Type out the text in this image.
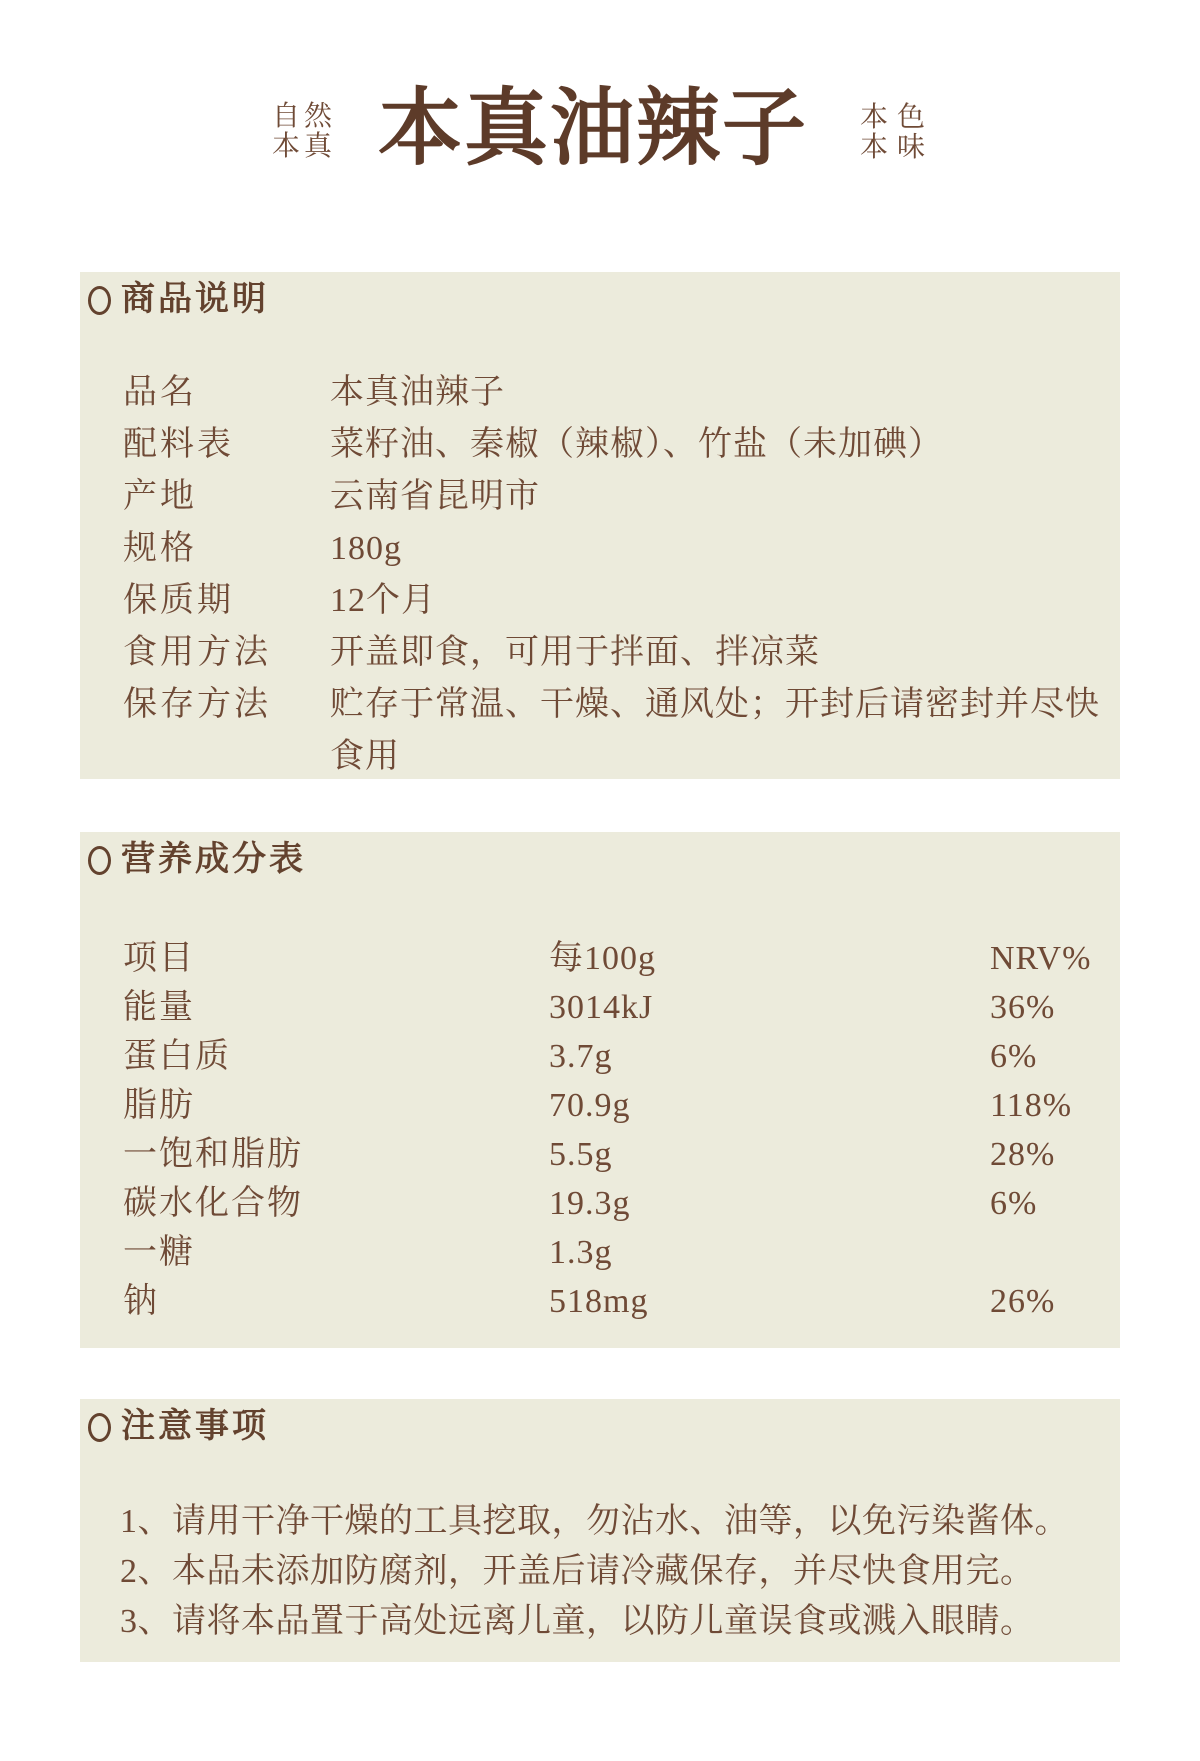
自然
本真 本真油辣子 本色
本味
商品说明
品名	本真油辣子
配料表	菜籽油、秦椒（辣椒）、竹盐（未加碘）
产地	云南省昆明市
规格	180g
保质期	12个月
食用方法	开盖即食，可用于拌面、拌凉菜
保存方法	贮存于常温、干燥、通风处；开封后请密封并尽快食用
营养成分表
项目	每100g	NRV%
能量	3014kJ	36%
蛋白质	3.7g	6%
脂肪	70.9g	118%
一饱和脂肪	5.5g	28%
碳水化合物	19.3g	6%
一糖	1.3g
钠	518mg	26%
注意事项
1、请用干净干燥的工具挖取，勿沾水、油等，以免污染酱体。
2、本品未添加防腐剂，开盖后请冷藏保存，并尽快食用完。
3、请将本品置于高处远离儿童，以防儿童误食或溅入眼睛。
